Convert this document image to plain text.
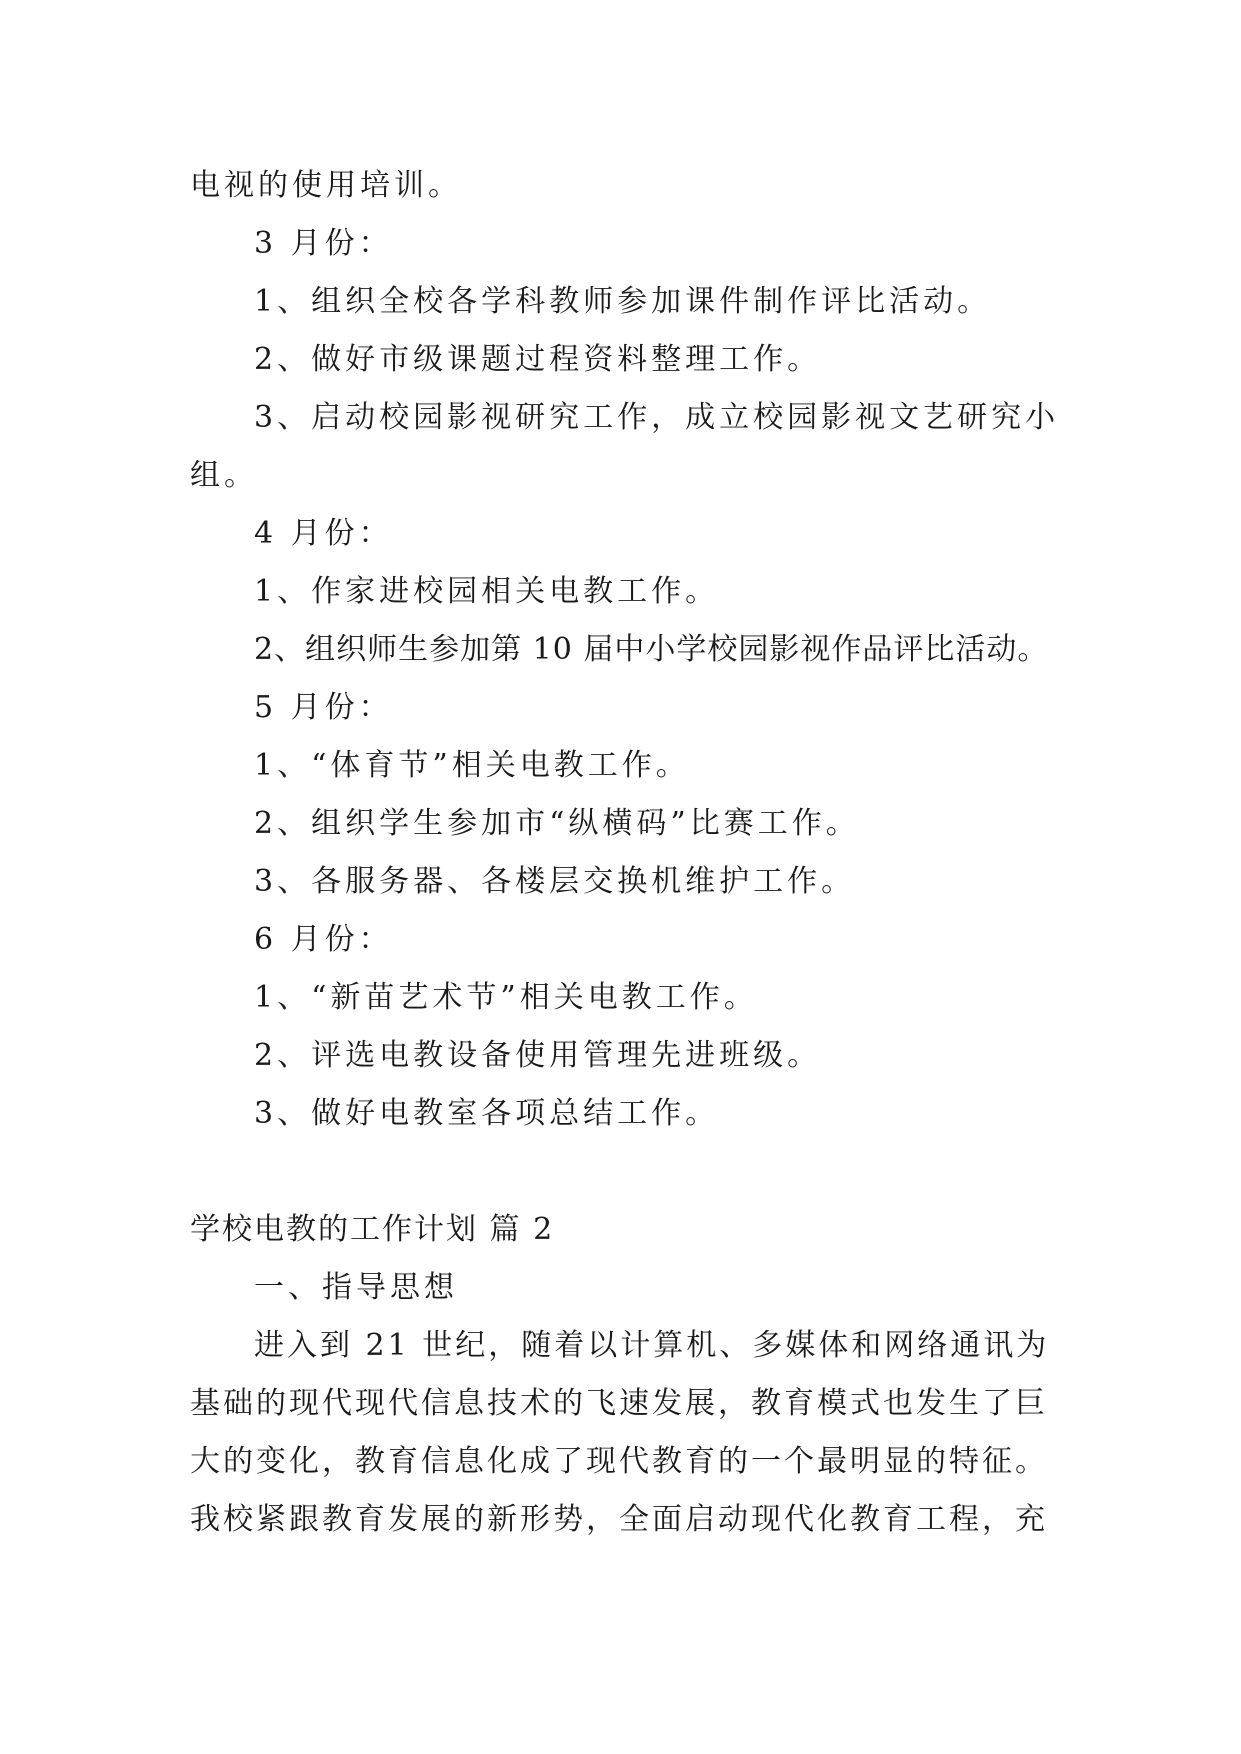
电视的使用培训。
3 月份：
1、组织全校各学科教师参加课件制作评比活动。
2、做好市级课题过程资料整理工作。
3、启动校园影视研究工作，成立校园影视文艺研究小
组。
4 月份：
1、作家进校园相关电教工作。
2、组织师生参加第 10 届中小学校园影视作品评比活动。
5 月份：
1、“体育节”相关电教工作。
2、组织学生参加市“纵横码”比赛工作。
3、各服务器、各楼层交换机维护工作。
6 月份：
1、“新苗艺术节”相关电教工作。
2、评选电教设备使用管理先进班级。
3、做好电教室各项总结工作。
学校电教的工作计划 篇 2
一、指导思想
进入到 21 世纪，随着以计算机、多媒体和网络通讯为
基础的现代现代信息技术的飞速发展，教育模式也发生了巨
大的变化，教育信息化成了现代教育的一个最明显的特征。
我校紧跟教育发展的新形势，全面启动现代化教育工程，充
